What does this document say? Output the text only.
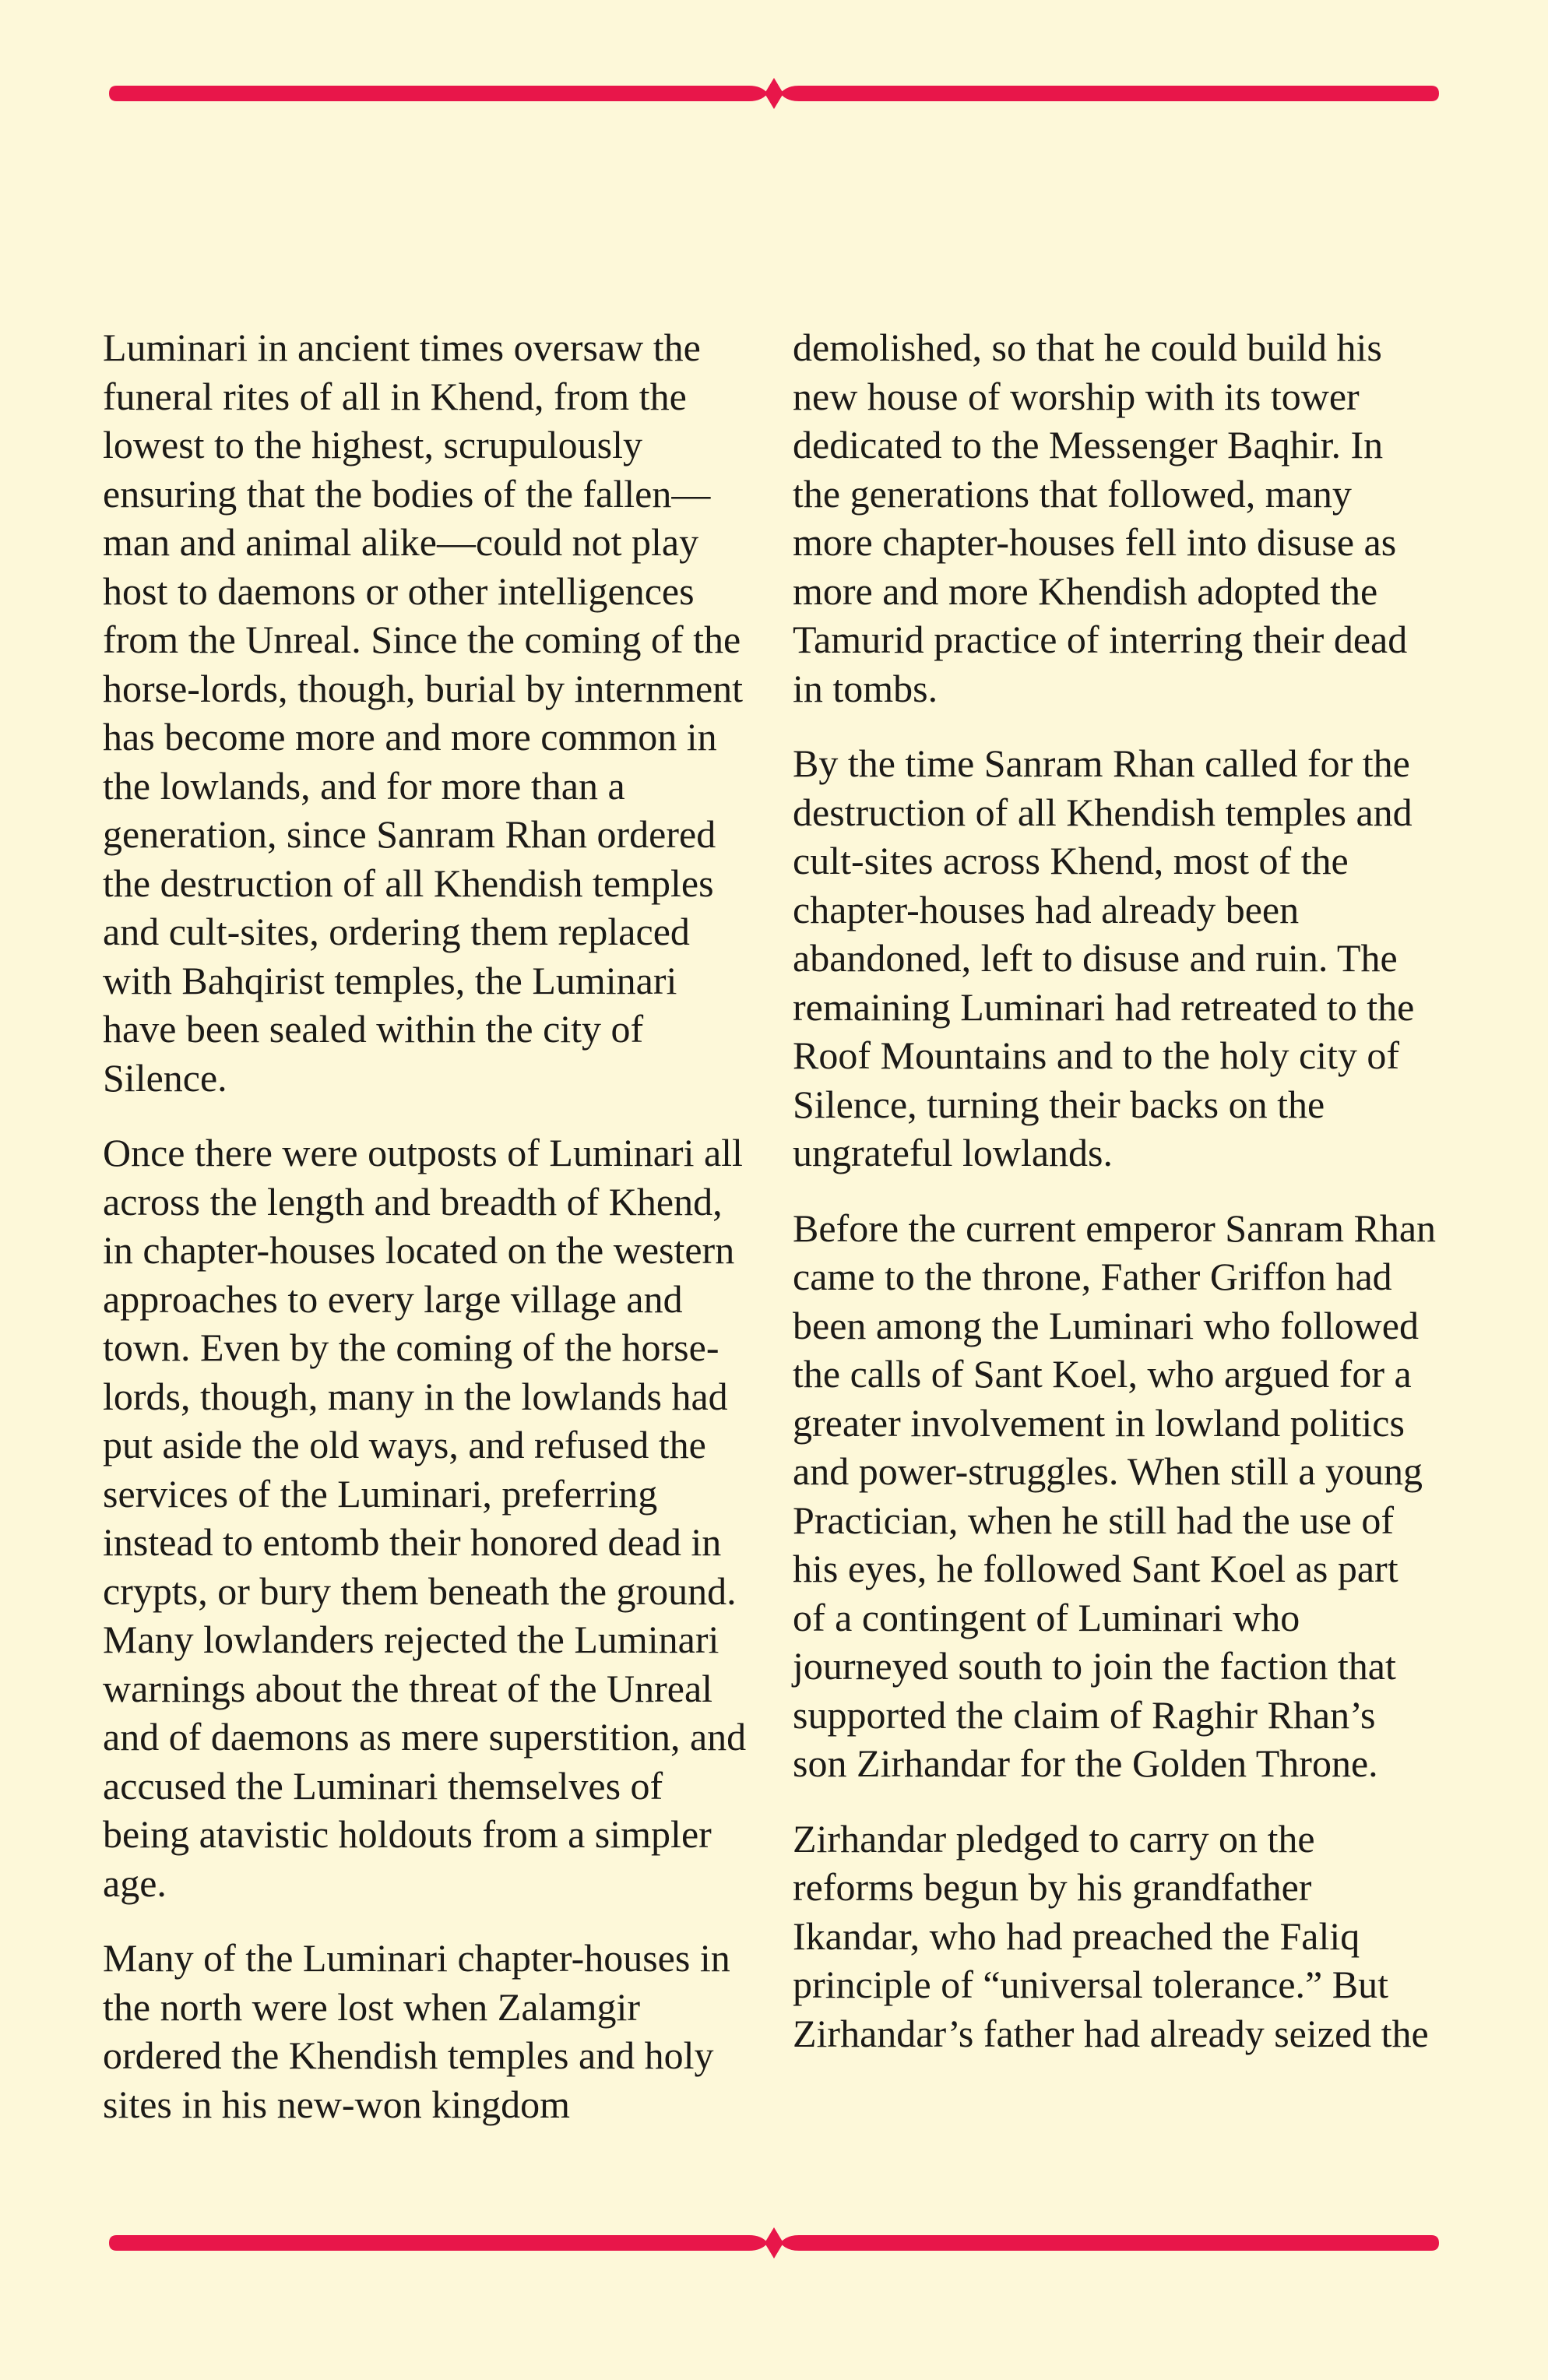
Luminari in ancient times oversaw the funeral rites of all in Khend, from the lowest to the highest, scrupulously ensuring that the bodies of the fallen— man and animal alike—could not play host to daemons or other intelligences from the Unreal. Since the coming of the horse-lords, though, burial by internment has become more and more common in the lowlands, and for more than a generation, since Sanram Rhan ordered the destruction of all Khendish temples and cult-sites, ordering them replaced with Bahqirist temples, the Luminari have been sealed within the city of Silence.

Once there were outposts of Luminari all across the length and breadth of Khend, in chapter-houses located on the western approaches to every large village and town. Even by the coming of the horse-lords, though, many in the lowlands had put aside the old ways, and refused the services of the Luminari, preferring instead to entomb their honored dead in crypts, or bury them beneath the ground. Many lowlanders rejected the Luminari warnings about the threat of the Unreal and of daemons as mere superstition, and accused the Luminari themselves of being atavistic holdouts from a simpler age.

Many of the Luminari chapter-houses in the north were lost when Zalamgir ordered the Khendish temples and holy sites in his new-won kingdom

demolished, so that he could build his new house of worship with its tower dedicated to the Messenger Baqhir. In the generations that followed, many more chapter-houses fell into disuse as more and more Khendish adopted the Tamurid practice of interring their dead in tombs.

By the time Sanram Rhan called for the destruction of all Khendish temples and cult-sites across Khend, most of the chapter-houses had already been abandoned, left to disuse and ruin. The remaining Luminari had retreated to the Roof Mountains and to the holy city of Silence, turning their backs on the ungrateful lowlands.

Before the current emperor Sanram Rhan came to the throne, Father Griffon had been among the Luminari who followed the calls of Sant Koel, who argued for a greater involvement in lowland politics and power-struggles. When still a young Practician, when he still had the use of his eyes, he followed Sant Koel as part of a contingent of Luminari who journeyed south to join the faction that supported the claim of Raghir Rhan’s son Zirhandar for the Golden Throne.

Zirhandar pledged to carry on the reforms begun by his grandfather Ikandar, who had preached the Faliq principle of “universal tolerance.” But Zirhandar’s father had already seized the
